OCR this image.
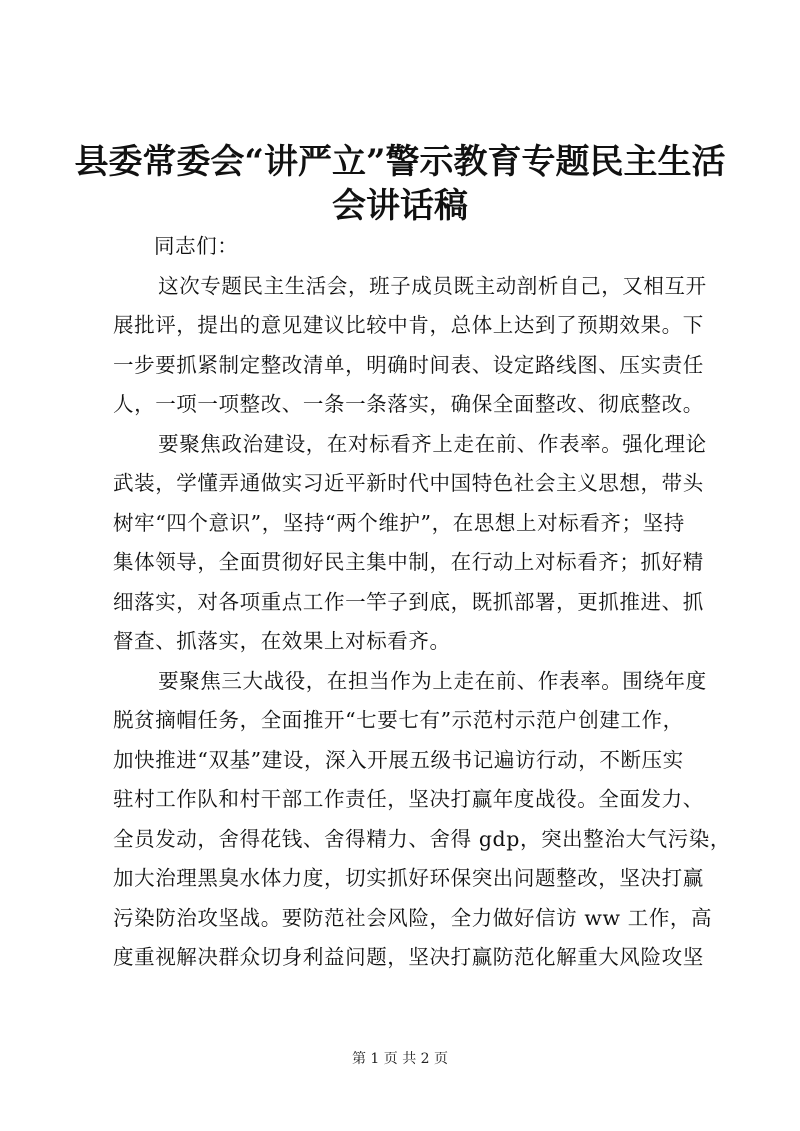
县委常委会“讲严立”警示教育专题民主生活
会讲话稿

同志们：

这次专题民主生活会，班子成员既主动剖析自己，又相互开

展批评，提出的意见建议比较中肯，总体上达到了预期效果。下

一步要抓紧制定整改清单，明确时间表、设定路线图、压实责任

人，一项一项整改、一条一条落实，确保全面整改、彻底整改。

要聚焦政治建设，在对标看齐上走在前、作表率。强化理论

武装，学懂弄通做实习近平新时代中国特色社会主义思想，带头

树牢“四个意识”，坚持“两个维护”，在思想上对标看齐；坚持

集体领导，全面贯彻好民主集中制，在行动上对标看齐；抓好精

细落实，对各项重点工作一竿子到底，既抓部署，更抓推进、抓

督查、抓落实，在效果上对标看齐。

要聚焦三大战役，在担当作为上走在前、作表率。围绕年度

脱贫摘帽任务，全面推开“七要七有”示范村示范户创建工作，

加快推进“双基”建设，深入开展五级书记遍访行动，不断压实

驻村工作队和村干部工作责任，坚决打赢年度战役。全面发力、

全员发动，舍得花钱、舍得精力、舍得 gdp，突出整治大气污染，

加大治理黑臭水体力度，切实抓好环保突出问题整改，坚决打赢

污染防治攻坚战。要防范社会风险，全力做好信访 ww 工作，高

度重视解决群众切身利益问题，坚决打赢防范化解重大风险攻坚

第 1 页 共 2 页
